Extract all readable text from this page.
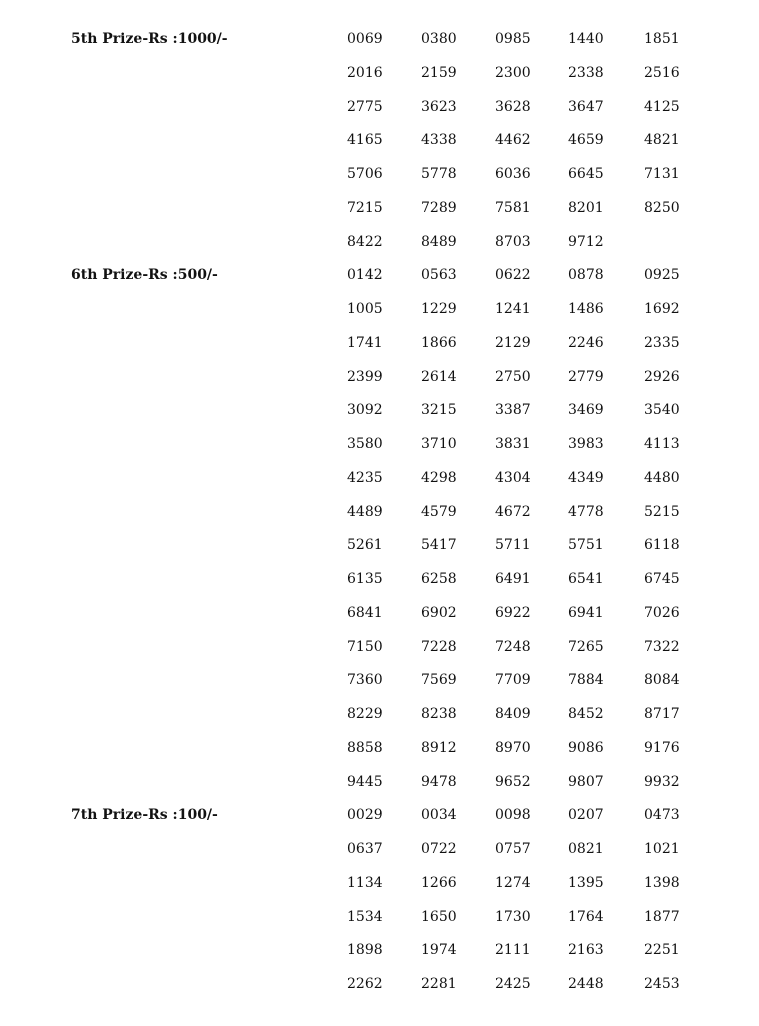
5th Prize-Rs :1000/-	0069	0380	0985	1440	1851
2016	2159	2300	2338	2516
2775	3623	3628	3647	4125
4165	4338	4462	4659	4821
5706	5778	6036	6645	7131
7215	7289	7581	8201	8250
8422	8489	8703	9712
6th Prize-Rs :500/-	0142	0563	0622	0878	0925
1005	1229	1241	1486	1692
1741	1866	2129	2246	2335
2399	2614	2750	2779	2926
3092	3215	3387	3469	3540
3580	3710	3831	3983	4113
4235	4298	4304	4349	4480
4489	4579	4672	4778	5215
5261	5417	5711	5751	6118
6135	6258	6491	6541	6745
6841	6902	6922	6941	7026
7150	7228	7248	7265	7322
7360	7569	7709	7884	8084
8229	8238	8409	8452	8717
8858	8912	8970	9086	9176
9445	9478	9652	9807	9932
7th Prize-Rs :100/-	0029	0034	0098	0207	0473
0637	0722	0757	0821	1021
1134	1266	1274	1395	1398
1534	1650	1730	1764	1877
1898	1974	2111	2163	2251
2262	2281	2425	2448	2453
